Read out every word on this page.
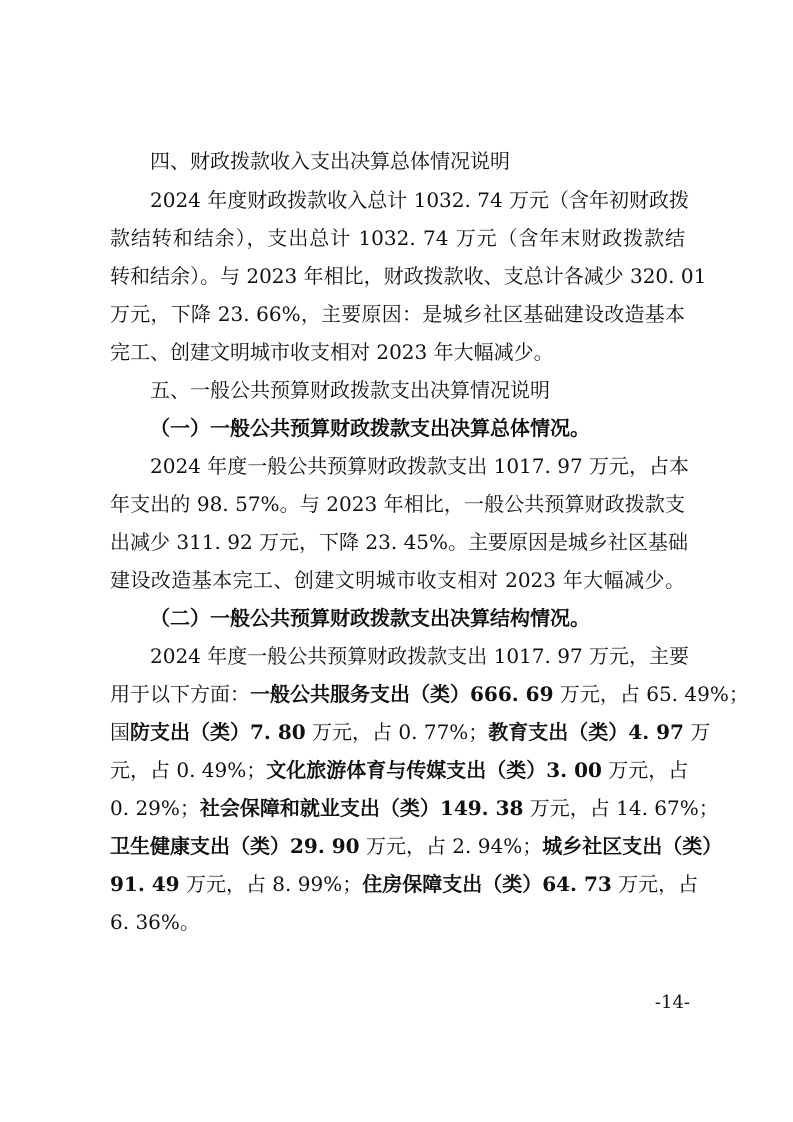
四、财政拨款收入支出决算总体情况说明
2024 年度财政拨款收入总计 1032. 74 万元（含年初财政拨
款结转和结余），支出总计 1032. 74 万元（含年末财政拨款结
转和结余）。与 2023 年相比，财政拨款收、支总计各减少 320. 01
万元，下降 23. 66%，主要原因：是城乡社区基础建设改造基本
完工、创建文明城市收支相对 2023 年大幅减少。
五、一般公共预算财政拨款支出决算情况说明
（一）一般公共预算财政拨款支出决算总体情况。
2024 年度一般公共预算财政拨款支出 1017. 97 万元，占本
年支出的 98. 57%。与 2023 年相比，一般公共预算财政拨款支
出减少 311. 92 万元，下降 23. 45%。主要原因是城乡社区基础
建设改造基本完工、创建文明城市收支相对 2023 年大幅减少。
（二）一般公共预算财政拨款支出决算结构情况。
2024 年度一般公共预算财政拨款支出 1017. 97 万元，主要
用于以下方面：一般公共服务支出（类）666. 69 万元，占 65. 49%；
国防支出（类）7. 80 万元，占 0. 77%；教育支出（类）4. 97 万
元，占 0. 49%；文化旅游体育与传媒支出（类）3. 00 万元，占
0. 29%；社会保障和就业支出（类）149. 38 万元，占 14. 67%；
卫生健康支出（类）29. 90 万元，占 2. 94%；城乡社区支出（类）
91. 49 万元，占 8. 99%；住房保障支出（类）64. 73 万元，占
6. 36%。
-14-
